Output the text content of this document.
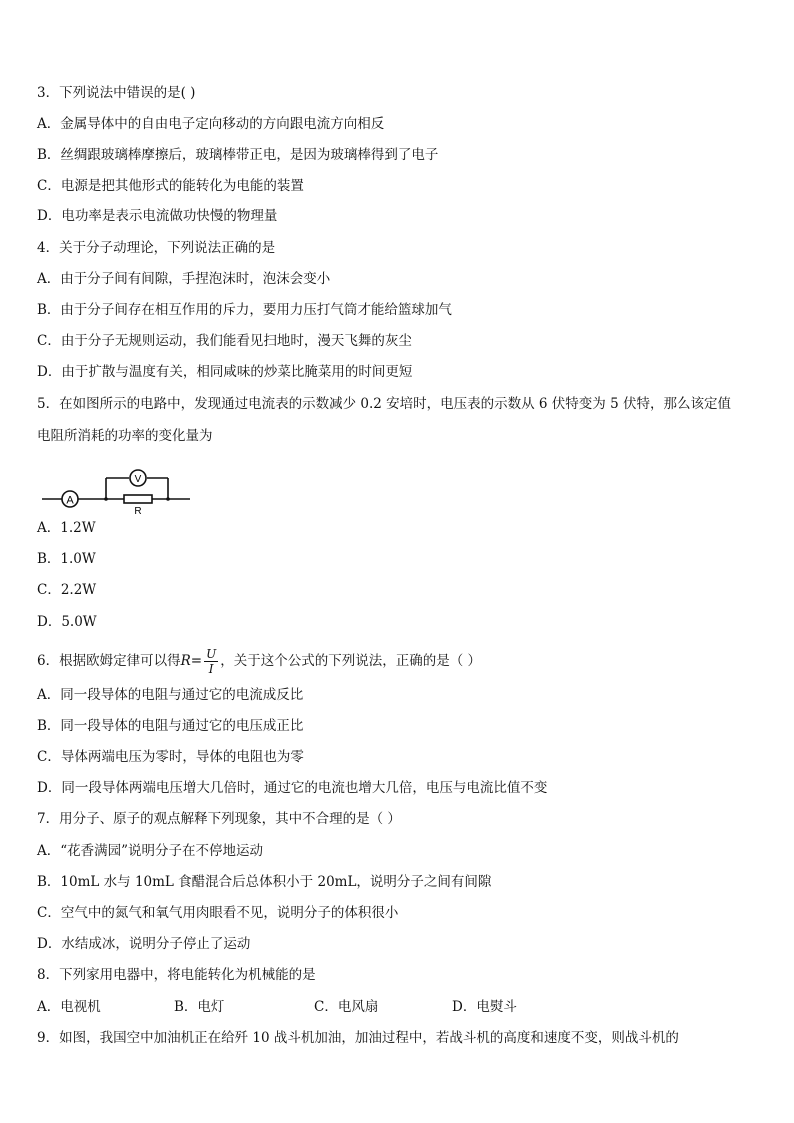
3．下列说法中错误的是( )
A．金属导体中的自由电子定向移动的方向跟电流方向相反
B．丝绸跟玻璃棒摩擦后，玻璃棒带正电，是因为玻璃棒得到了电子
C．电源是把其他形式的能转化为电能的装置
D．电功率是表示电流做功快慢的物理量
4．关于分子动理论，下列说法正确的是
A．由于分子间有间隙，手捏泡沫时，泡沫会变小
B．由于分子间存在相互作用的斥力，要用力压打气筒才能给篮球加气
C．由于分子无规则运动，我们能看见扫地时，漫天飞舞的灰尘
D．由于扩散与温度有关，相同咸味的炒菜比腌菜用的时间更短
5．在如图所示的电路中，发现通过电流表的示数减少 0.2 安培时，电压表的示数从 6 伏特变为 5 伏特，那么该定值
电阻所消耗的功率的变化量为
A
V
R
A．1.2W
B．1.0W
C．2.2W
D．5.0W
6．根据欧姆定律可以得$R= \frac{U}{I}$ ，关于这个公式的下列说法，正确的是（ ）
A．同一段导体的电阻与通过它的电流成反比
B．同一段导体的电阻与通过它的电压成正比
C．导体两端电压为零时，导体的电阻也为零
D．同一段导体两端电压增大几倍时，通过它的电流也增大几倍，电压与电流比值不变
7．用分子、原子的观点解释下列现象，其中不合理的是（ ）
A．“花香满园”说明分子在不停地运动
B．10mL 水与 10mL 食醋混合后总体积小于 20mL，说明分子之间有间隙
C．空气中的氮气和氧气用肉眼看不见，说明分子的体积很小
D．水结成冰，说明分子停止了运动
8．下列家用电器中，将电能转化为机械能的是
A．电视机	B．电灯	C．电风扇	D．电熨斗
9．如图，我国空中加油机正在给歼 10 战斗机加油，加油过程中，若战斗机的高度和速度不变，则战斗机的
